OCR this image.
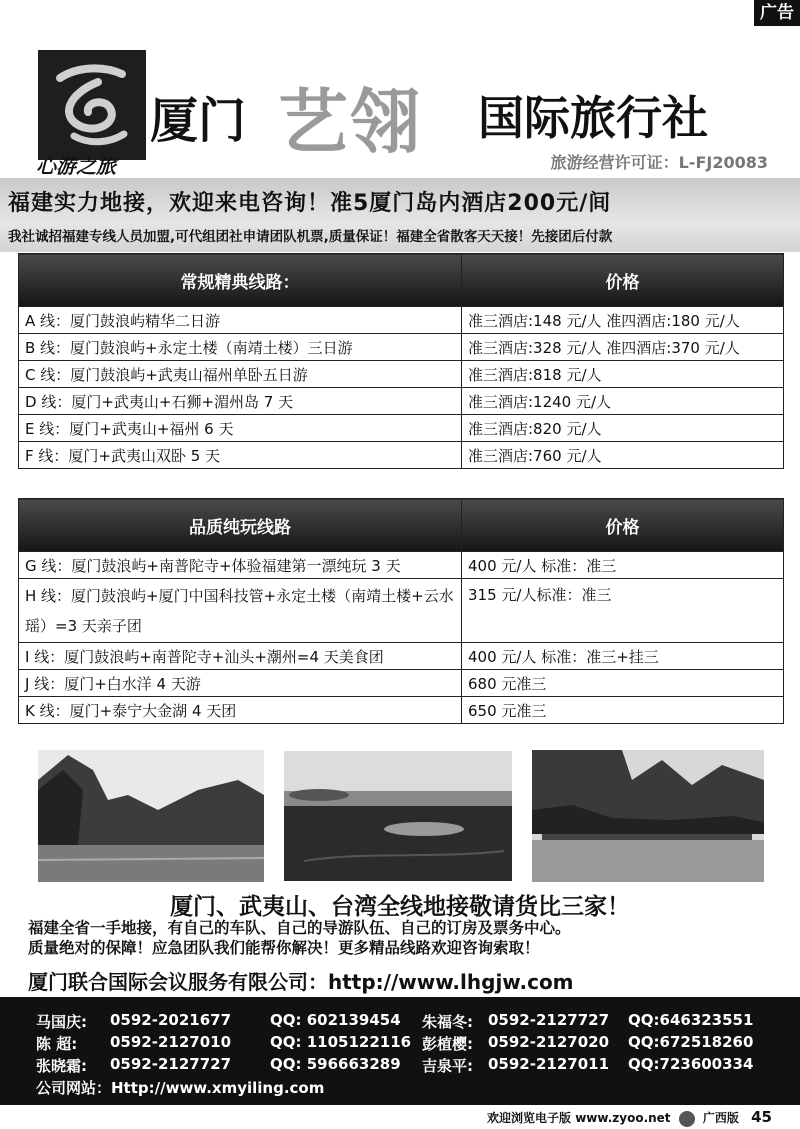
广告
心游之旅
厦门 艺翎 国际旅行社
旅游经营许可证：L-FJ20083
福建实力地接，欢迎来电咨询！准5厦门岛内酒店200元/间
我社诚招福建专线人员加盟,可代组团社申请团队机票,质量保证！福建全省散客天天接！先接团后付款
常规精典线路：	价格
A 线：厦门鼓浪屿精华二日游	准三酒店:148 元/人 准四酒店:180 元/人
B 线：厦门鼓浪屿+永定土楼（南靖土楼）三日游	准三酒店:328 元/人 准四酒店:370 元/人
C 线：厦门鼓浪屿+武夷山福州单卧五日游	准三酒店:818 元/人
D 线：厦门+武夷山+石狮+湄州岛 7 天	准三酒店:1240 元/人
E 线：厦门+武夷山+福州 6 天	准三酒店:820 元/人
F 线：厦门+武夷山双卧 5 天	准三酒店:760 元/人
品质纯玩线路	价格
G 线：厦门鼓浪屿+南普陀寺+体验福建第一漂纯玩 3 天	400 元/人 标准：准三
H 线：厦门鼓浪屿+厦门中国科技管+永定土楼（南靖土楼+云水瑶）=3 天亲子团	315 元/人标准：准三
I 线：厦门鼓浪屿+南普陀寺+汕头+潮州=4 天美食团	400 元/人 标准：准三+挂三
J 线：厦门+白水洋 4 天游	680 元准三
K 线：厦门+泰宁大金湖 4 天团	650 元准三
厦门、武夷山、台湾全线地接敬请货比三家！
福建全省一手地接，有自己的车队、自己的导游队伍、自己的订房及票务中心。
质量绝对的保障！应急团队我们能帮你解决！更多精品线路欢迎咨询索取！
厦门联合国际会议服务有限公司：http://www.lhgjw.com
马国庆: 0592-2021677	QQ: 602139454 朱福冬: 0592-2127727 QQ:646323551
陈 超: 0592-2127010	QQ: 1105122116 彭植樱: 0592-2127020 QQ:672518260
张晓霜: 0592-2127727	QQ: 596663289 吉泉平: 0592-2127011 QQ:723600334
公司网站：Http://www.xmyiling.com
欢迎浏览电子版 www.zyoo.net	广西版 45
